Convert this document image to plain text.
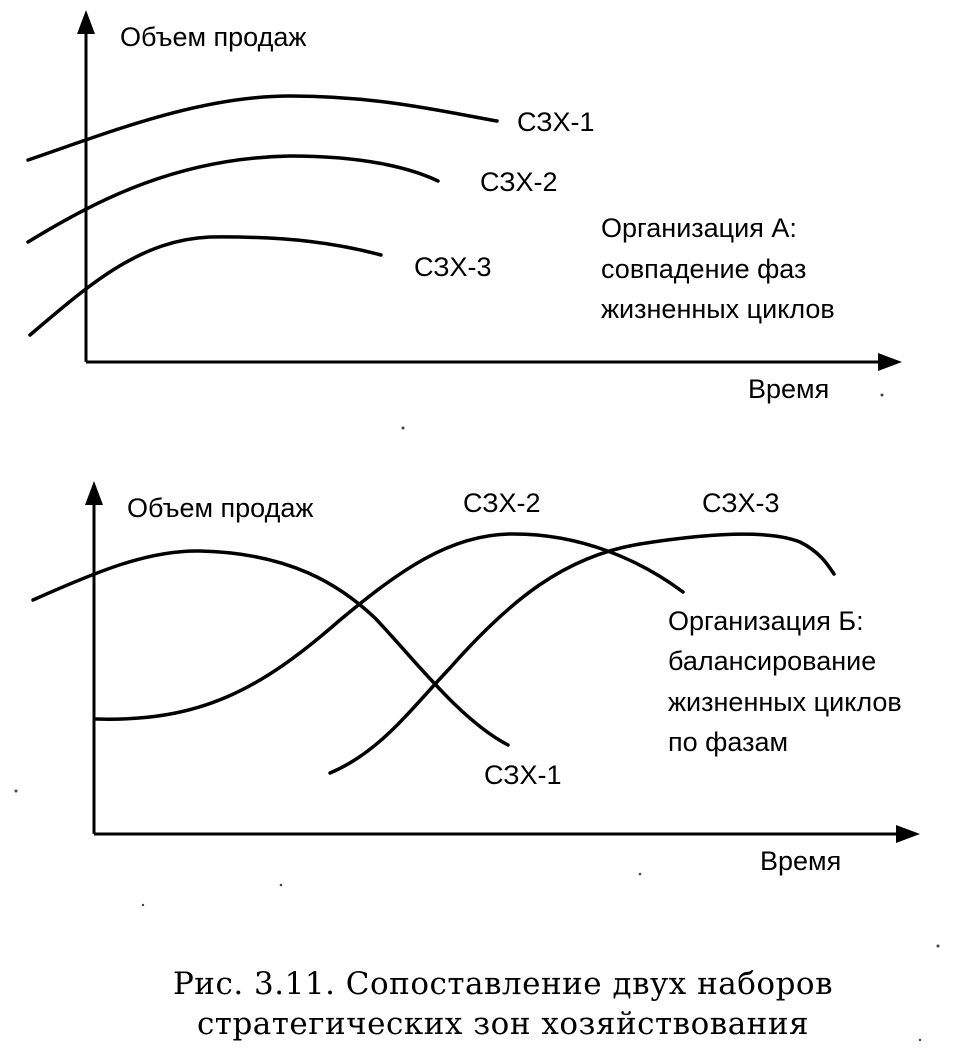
Объем продаж
Время
СЗХ-1
СЗХ-2
СЗХ-3
Организация А:
совпадение фаз
жизненных циклов
Объем продаж
Время
СЗХ-1
СЗХ-2	СЗХ-3
Организация Б:
балансирование
жизненных циклов
по фазам
Рис. 3.11. Сопоставление двух наборов
стратегических зон хозяйствования
